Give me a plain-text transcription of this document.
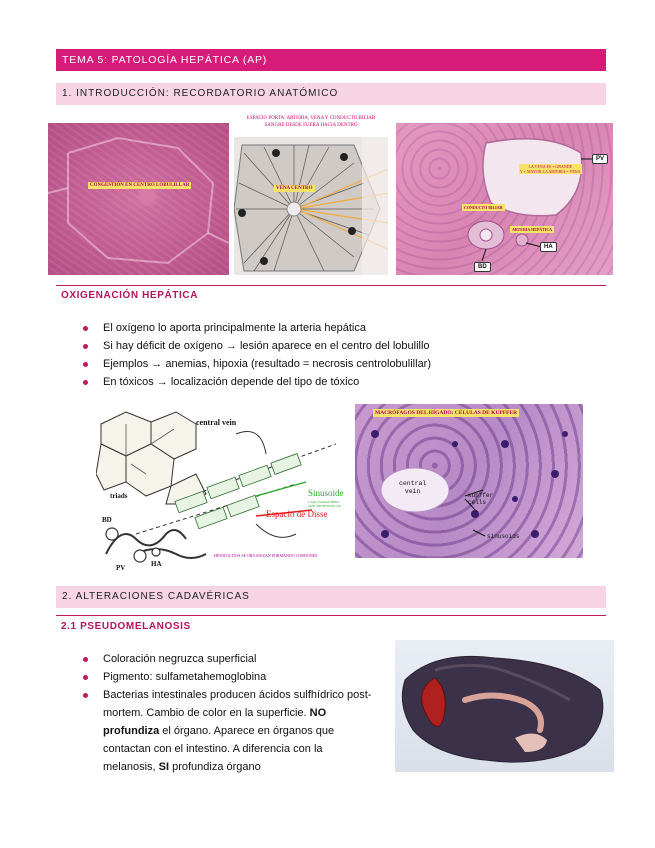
TEMA 5: PATOLOGÍA HEPÁTICA (AP)
1. INTRODUCCIÓN: RECORDATORIO ANATÓMICO
CONGESTIÓN EN CENTRO LOBULILLAR
ESPACIO PORTA: ARTERIA, VENA Y CONDUCTO BILIAR
SANGRE DESDE FUERA HACIA DENTRO
VENA CENTRO
LA VENA ES + GRANDE
Y + MAYOR LA ARTERIA = VENA
CONDUCTO BILIAR
ARTERIA HEPÁTICA
PV
HA
BD
OXIGENACIÓN HEPÁTICA
El oxígeno lo aporta principalmente la arteria hepática
Si hay déficit de oxígeno → lesión aparece en el centro del lobulillo
Ejemplos → anemias, hipoxia (resultado = necrosis centrolobulillar)
En tóxicos → localización depende del tipo de tóxico
central vein
triads
BD
PV	HA
Sinusoide
CARO SANGUÍNEO
QUE TIENE HUECOS
Espacio de Disse
HEPATOCITOS SE ORGANIZAN FORMANDO CORDONES
MACRÓFAGOS DEL HÍGADO: CÉLULAS DE KUPFFER
central
vein
kupffer
cells
sinusoids
2. ALTERACIONES CADAVÉRICAS
2.1 PSEUDOMELANOSIS
Coloración negruzca superficial
Pigmento: sulfametahemoglobina
Bacterias intestinales producen ácidos sulfhídrico post-mortem. Cambio de color en la superficie. NO profundiza el órgano. Aparece en órganos que contactan con el intestino. A diferencia con la melanosis, SI profundiza órgano
